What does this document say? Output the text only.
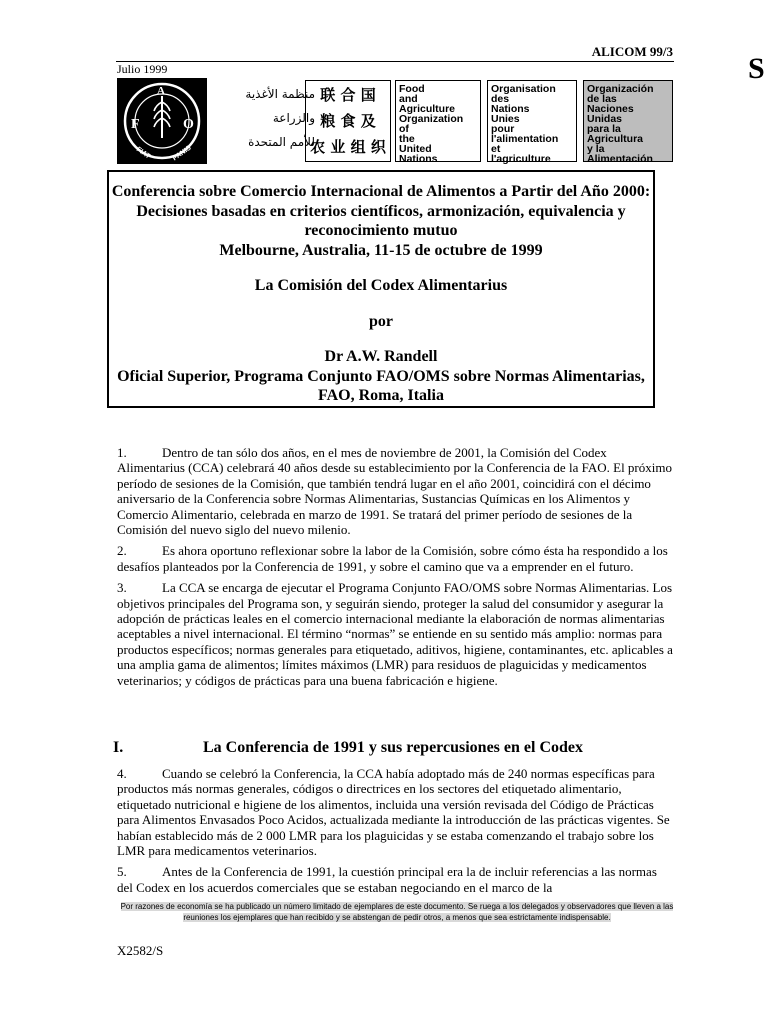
ALICOM 99/3
S
Julio 1999
F	O
A
FIAT	PANIS
منظمة الأغذية
والزراعة
للأمم المتحدة
联 合 国
粮 食 及
农 业 组 织
Food
and
Agriculture
Organization
of
the
United
Nations
Organisation
des
Nations
Unies
pour
l'alimentation
et
l'agriculture
Organización
de las
Naciones
Unidas
para la
Agricultura
y la
Alimentación

Conferencia sobre Comercio Internacional de Alimentos a Partir del Año 2000: Decisiones basadas en criterios científicos, armonización, equivalencia y reconocimiento mutuo

Melbourne, Australia, 11-15 de octubre de 1999

La Comisión del Codex Alimentarius

por

Dr A.W. Randell

Oficial Superior, Programa Conjunto FAO/OMS sobre Normas Alimentarias, FAO, Roma, Italia

1.	Dentro de tan sólo dos años, en el mes de noviembre de 2001, la Comisión del Codex Alimentarius (CCA) celebrará 40 años desde su establecimiento por la Conferencia de la FAO. El próximo período de sesiones de la Comisión, que también tendrá lugar en el año 2001, coincidirá con el décimo aniversario de la Conferencia sobre Normas Alimentarias, Sustancias Químicas en los Alimentos y Comercio Alimentario, celebrada en marzo de 1991. Se tratará del primer período de sesiones de la Comisión del nuevo siglo del nuevo milenio.

2.	Es ahora oportuno reflexionar sobre la labor de la Comisión, sobre cómo ésta ha respondido a los desafíos planteados por la Conferencia de 1991, y sobre el camino que va a emprender en el futuro.

3.	La CCA se encarga de ejecutar el Programa Conjunto FAO/OMS sobre Normas Alimentarias. Los objetivos principales del Programa son, y seguirán siendo, proteger la salud del consumidor y asegurar la adopción de prácticas leales en el comercio internacional mediante la elaboración de normas alimentarias aceptables a nivel internacional. El término “normas” se entiende en su sentido más amplio: normas para productos específicos; normas generales para etiquetado, aditivos, higiene, contaminantes, etc. aplicables a una amplia gama de alimentos; límites máximos (LMR) para residuos de plaguicidas y medicamentos veterinarios; y códigos de prácticas para una buena fabricación e higiene.

I.	La Conferencia de 1991 y sus repercusiones en el Codex

4.	Cuando se celebró la Conferencia, la CCA había adoptado más de 240 normas específicas para productos más normas generales, códigos o directrices en los sectores del etiquetado alimentario, etiquetado nutricional e higiene de los alimentos, incluida una versión revisada del Código de Prácticas para Alimentos Envasados Poco Acidos, actualizada mediante la introducción de las prácticas vigentes. Se habían establecido más de 2 000 LMR para los plaguicidas y se estaba comenzando el trabajo sobre los LMR para medicamentos veterinarios.

5.	Antes de la Conferencia de 1991, la cuestión principal era la de incluir referencias a las normas del Codex en los acuerdos comerciales que se estaban negociando en el marco de la

Por razones de economía se ha publicado un número limitado de ejemplares de este documento. Se ruega a los delegados y observadores que lleven a las reuniones los ejemplares que han recibido y se abstengan de pedir otros, a menos que sea estrictamente indispensable.
X2582/S
